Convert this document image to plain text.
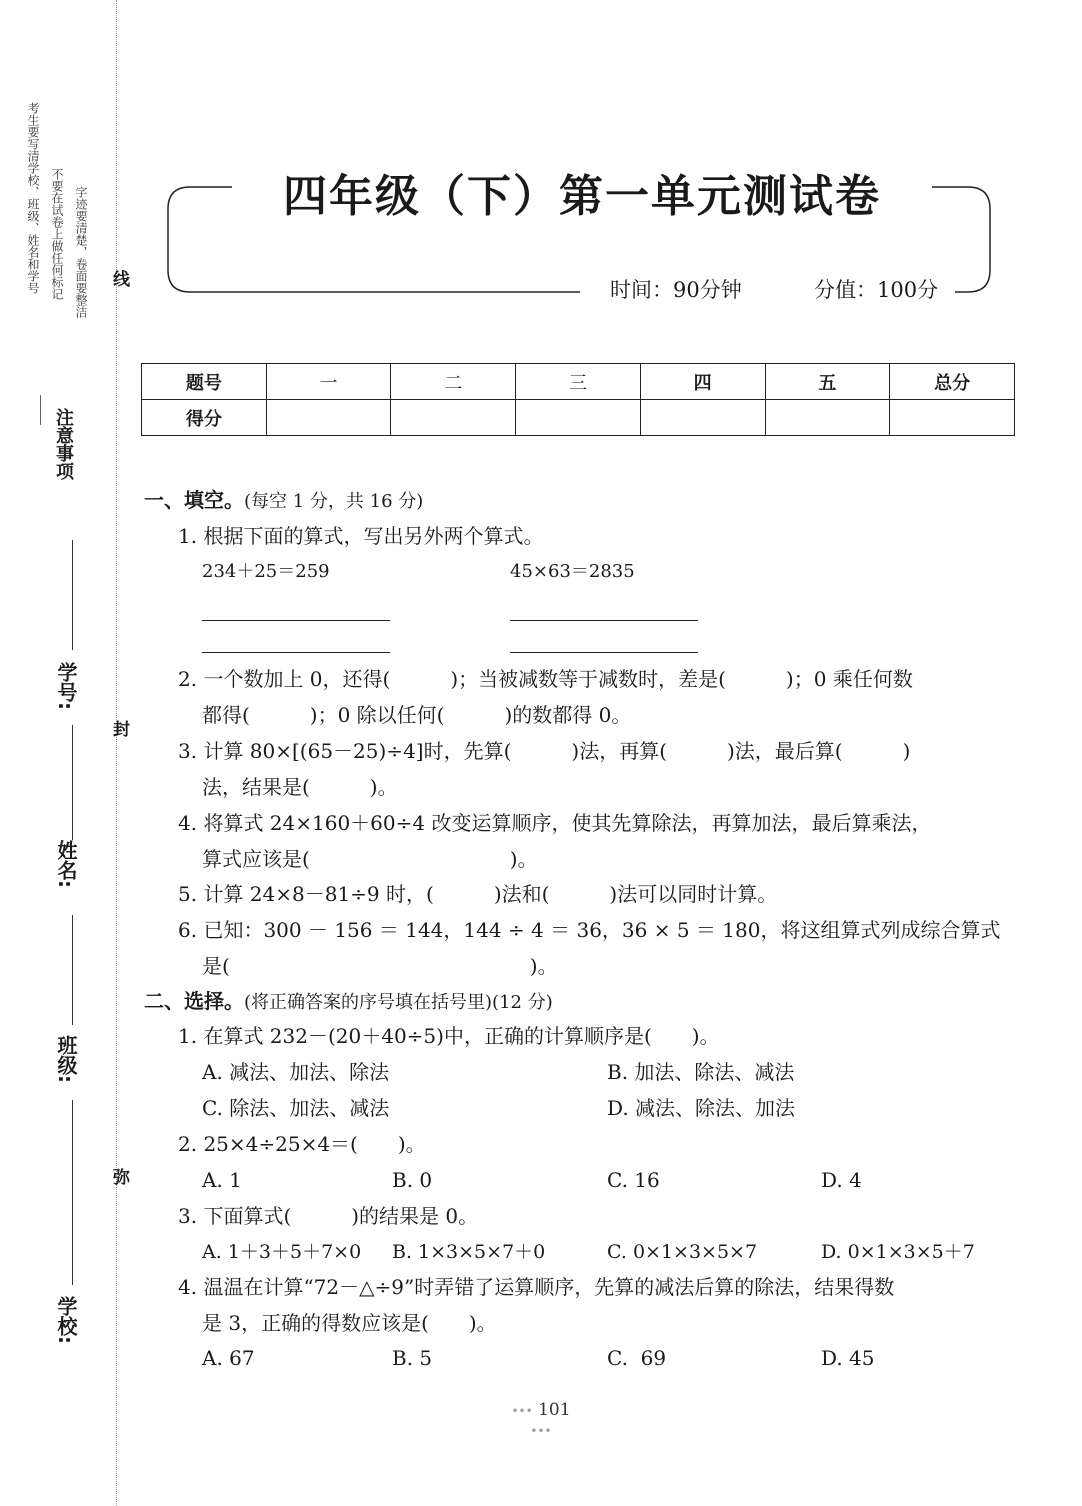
考生要写清学校、班级、姓名和学号 不要在试卷上做任何标记 字迹要清楚，卷面要整洁
注意事项
线
封
弥
学号:
姓名:
班级:
学校:
四年级（下）第一单元测试卷
时间：90分钟	分值：100分
题号	一	二	三	四	五	总分
得分						
一、填空。(每空 1 分，共 16 分)
1. 根据下面的算式，写出另外两个算式。
234＋25＝259	45×63＝2835
2. 一个数加上 0，还得(　　　)；当被减数等于减数时，差是(　　　)；0 乘任何数
都得(　　　)；0 除以任何(　　　)的数都得 0。
3. 计算 80×[(65－25)÷4]时，先算(　　　)法，再算(　　　)法，最后算(　　　)
法，结果是(　　　)。
4. 将算式 24×160＋60÷4 改变运算顺序，使其先算除法，再算加法，最后算乘法，
算式应该是(　　　　　　　　　　)。
5. 计算 24×8－81÷9 时，(　　　)法和(　　　)法可以同时计算。
6. 已知：300 － 156 ＝ 144，144 ÷ 4 ＝ 36，36 × 5 ＝ 180，将这组算式列成综合算式
是(　　　　　　　　　　　　　　　)。
二、选择。(将正确答案的序号填在括号里)(12 分)
1. 在算式 232－(20＋40÷5)中，正确的计算顺序是(　　)。
A. 减法、加法、除法	B. 加法、除法、减法
C. 除法、加法、减法	D. 减法、除法、加法
2. 25×4÷25×4＝(　　)。
A. 1	B. 0	C. 16	D. 4
3. 下面算式(　　　)的结果是 0。
A. 1＋3＋5＋7×0 B. 1×3×5×7＋0	C. 0×1×3×5×7	D. 0×1×3×5＋7
4. 温温在计算“72－△÷9”时弄错了运算顺序，先算的减法后算的除法，结果得数
是 3，正确的得数应该是(　　)。
A. 67	B. 5	C.  69	D. 45
••• 101 •••
